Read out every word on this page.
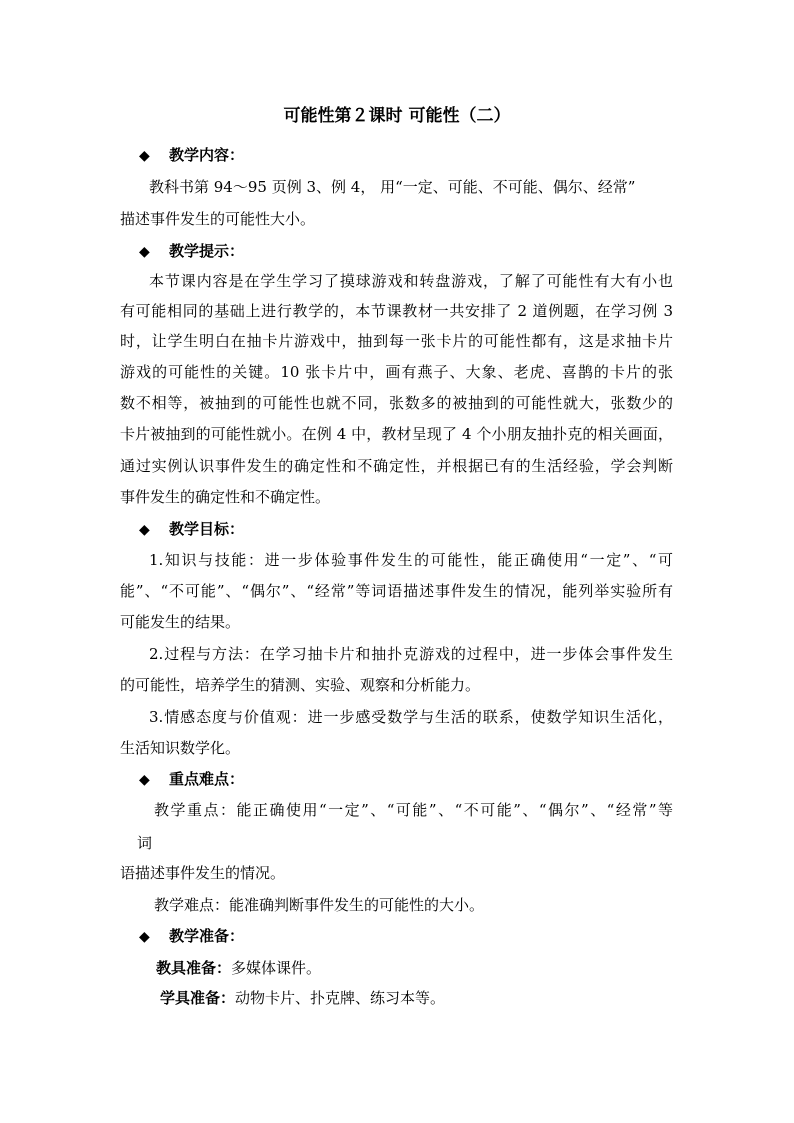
可能性第２课时 可能性（二）
◆ 教学内容：
教科书第 94～95 页例 3、例 4， 用“一定、可能、不可能、偶尔、经常”
描述事件发生的可能性大小。
◆ 教学提示：
本节课内容是在学生学习了摸球游戏和转盘游戏，了解了可能性有大有小也
有可能相同的基础上进行教学的，本节课教材一共安排了 2 道例题，在学习例 3
时，让学生明白在抽卡片游戏中，抽到每一张卡片的可能性都有，这是求抽卡片
游戏的可能性的关键。10 张卡片中，画有燕子、大象、老虎、喜鹊的卡片的张
数不相等，被抽到的可能性也就不同，张数多的被抽到的可能性就大，张数少的
卡片被抽到的可能性就小。在例 4 中，教材呈现了 4 个小朋友抽扑克的相关画面，
通过实例认识事件发生的确定性和不确定性，并根据已有的生活经验，学会判断
事件发生的确定性和不确定性。
◆ 教学目标：
1.知识与技能：进一步体验事件发生的可能性，能正确使用“一定”、“可
能”、“不可能”、“偶尔”、“经常”等词语描述事件发生的情况，能列举实验所有
可能发生的结果。
2.过程与方法：在学习抽卡片和抽扑克游戏的过程中，进一步体会事件发生
的可能性，培养学生的猜测、实验、观察和分析能力。
3.情感态度与价值观：进一步感受数学与生活的联系，使数学知识生活化，
生活知识数学化。
◆ 重点难点：
教学重点：能正确使用“一定”、“可能”、“不可能”、“偶尔”、“经常”等
词
语描述事件发生的情况。
教学难点：能准确判断事件发生的可能性的大小。
◆ 教学准备：
教具准备：多媒体课件。
学具准备：动物卡片、扑克牌、练习本等。
